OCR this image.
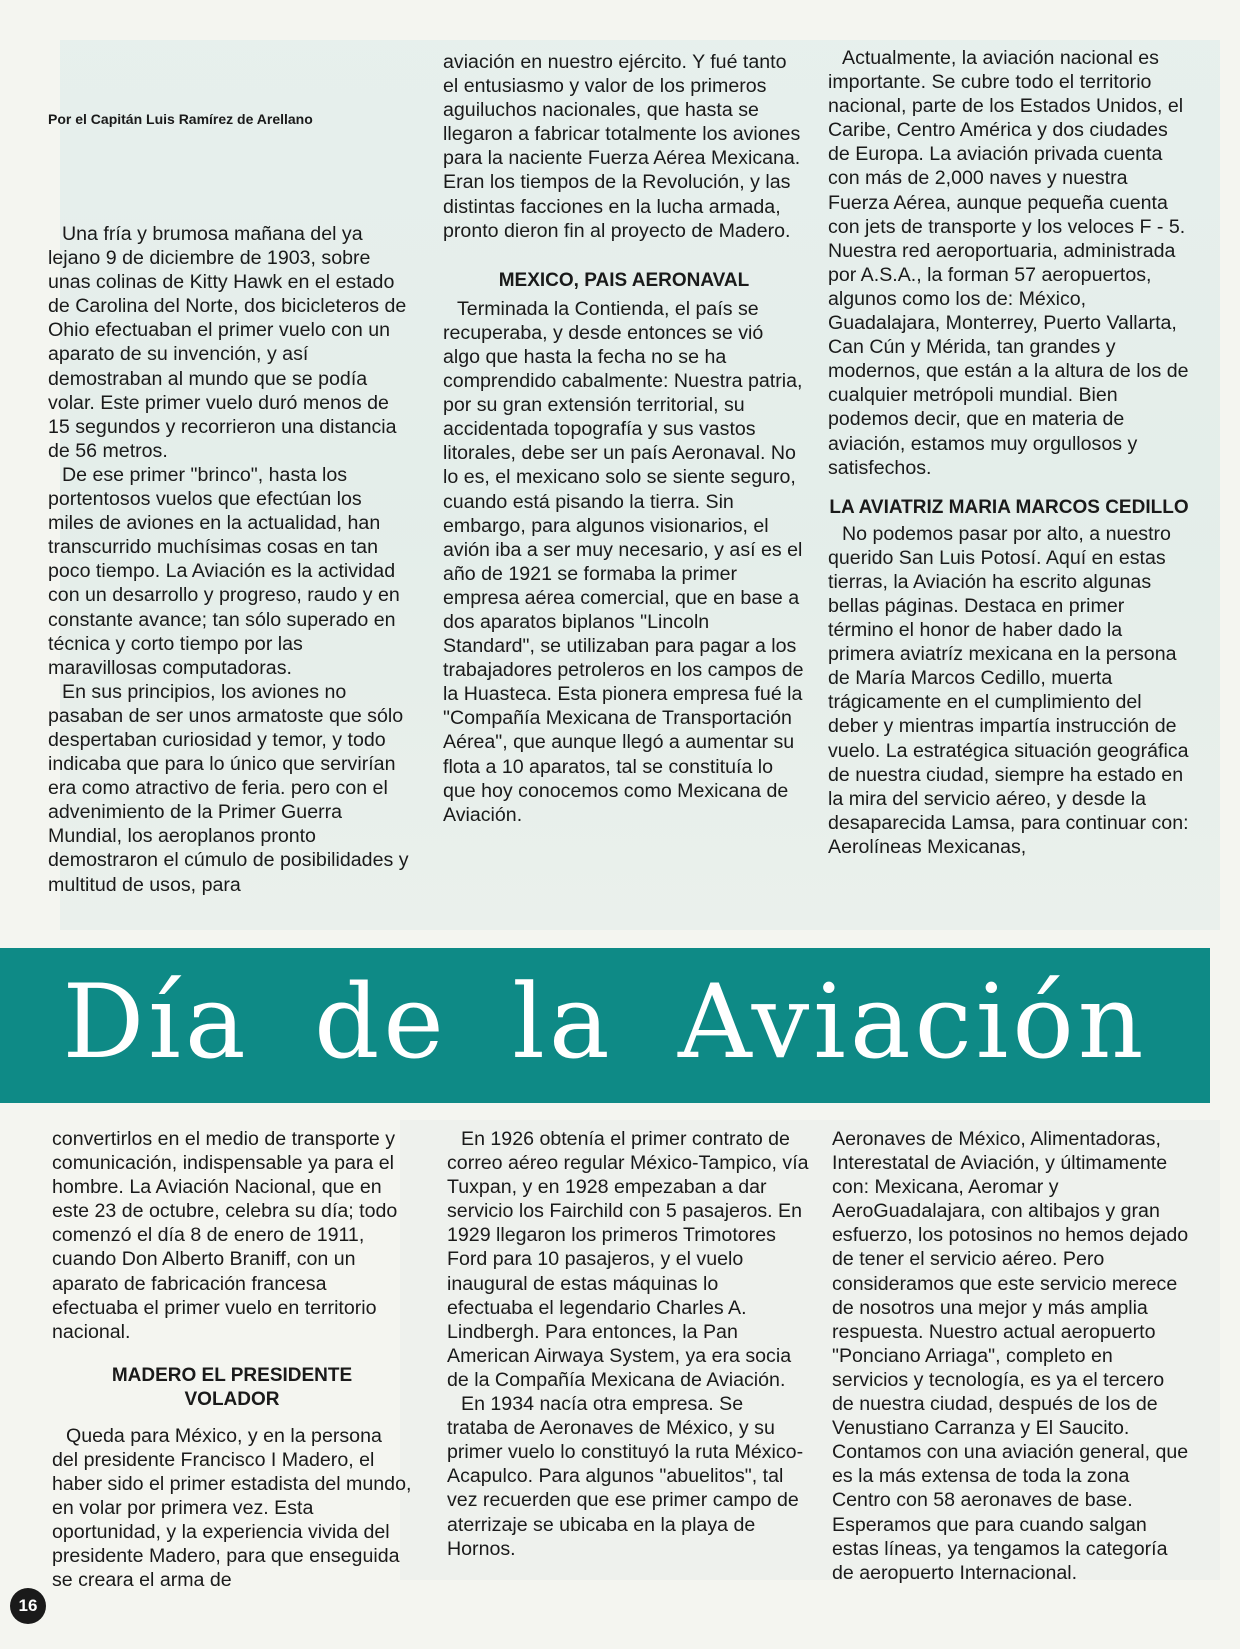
Por el Capitán Luis Ramírez de Arellano

Una fría y brumosa mañana del ya lejano 9 de diciembre de 1903, sobre unas colinas de Kitty Hawk en el estado de Carolina del Norte, dos bicicleteros de Ohio efectuaban el primer vuelo con un aparato de su invención, y así demostraban al mundo que se podía volar. Este primer vuelo duró menos de 15 segundos y recorrieron una distancia de 56 metros.

De ese primer "brinco", hasta los portentosos vuelos que efectúan los miles de aviones en la actualidad, han transcurrido muchísimas cosas en tan poco tiempo. La Aviación es la actividad con un desarrollo y progreso, raudo y en constante avance; tan sólo superado en técnica y corto tiempo por las maravillosas computadoras.

En sus principios, los aviones no pasaban de ser unos armatoste que sólo despertaban curiosidad y temor, y todo indicaba que para lo único que servirían era como atractivo de feria. pero con el advenimiento de la Primer Guerra Mundial, los aeroplanos pronto demostraron el cúmulo de posibilidades y multitud de usos, para

aviación en nuestro ejército. Y fué tanto el entusiasmo y valor de los primeros aguiluchos nacionales, que hasta se llegaron a fabricar totalmente los aviones para la naciente Fuerza Aérea Mexicana. Eran los tiempos de la Revolución, y las distintas facciones en la lucha armada, pronto dieron fin al proyecto de Madero.

MEXICO, PAIS AERONAVAL

Terminada la Contienda, el país se recuperaba, y desde entonces se vió algo que hasta la fecha no se ha comprendido cabalmente: Nuestra patria, por su gran extensión territorial, su accidentada topografía y sus vastos litorales, debe ser un país Aeronaval. No lo es, el mexicano solo se siente seguro, cuando está pisando la tierra. Sin embargo, para algunos visionarios, el avión iba a ser muy necesario, y así es el año de 1921 se formaba la primer empresa aérea comercial, que en base a dos aparatos biplanos "Lincoln Standard", se utilizaban para pagar a los trabajadores petroleros en los campos de la Huasteca. Esta pionera empresa fué la "Compañía Mexicana de Transportación Aérea", que aunque llegó a aumentar su flota a 10 aparatos, tal se constituía lo que hoy conocemos como Mexicana de Aviación.

Actualmente, la aviación nacional es importante. Se cubre todo el territorio nacional, parte de los Estados Unidos, el Caribe, Centro América y dos ciudades de Europa. La aviación privada cuenta con más de 2,000 naves y nuestra Fuerza Aérea, aunque pequeña cuenta con jets de transporte y los veloces F - 5. Nuestra red aeroportuaria, administrada por A.S.A., la forman 57 aeropuertos, algunos como los de: México, Guadalajara, Monterrey, Puerto Vallarta, Can Cún y Mérida, tan grandes y modernos, que están a la altura de los de cualquier metrópoli mundial. Bien podemos decir, que en materia de aviación, estamos muy orgullosos y satisfechos.

LA AVIATRIZ MARIA MARCOS CEDILLO

No podemos pasar por alto, a nuestro querido San Luis Potosí. Aquí en estas tierras, la Aviación ha escrito algunas bellas páginas. Destaca en primer término el honor de haber dado la primera aviatríz mexicana en la persona de María Marcos Cedillo, muerta trágicamente en el cumplimiento del deber y mientras impartía instrucción de vuelo. La estratégica situación geográfica de nuestra ciudad, siempre ha estado en la mira del servicio aéreo, y desde la desaparecida Lamsa, para continuar con: Aerolíneas Mexicanas,

Día de la Aviación

convertirlos en el medio de transporte y comunicación, indispensable ya para el hombre. La Aviación Nacional, que en este 23 de octubre, celebra su día; todo comenzó el día 8 de enero de 1911, cuando Don Alberto Braniff, con un aparato de fabricación francesa efectuaba el primer vuelo en territorio nacional.

MADERO EL PRESIDENTE VOLADOR

Queda para México, y en la persona del presidente Francisco I Madero, el haber sido el primer estadista del mundo, en volar por primera vez. Esta oportunidad, y la experiencia vivida del presidente Madero, para que enseguida se creara el arma de

En 1926 obtenía el primer contrato de correo aéreo regular México-Tampico, vía Tuxpan, y en 1928 empezaban a dar servicio los Fairchild con 5 pasajeros. En 1929 llegaron los primeros Trimotores Ford para 10 pasajeros, y el vuelo inaugural de estas máquinas lo efectuaba el legendario Charles A. Lindbergh. Para entonces, la Pan American Airwaya System, ya era socia de la Compañía Mexicana de Aviación.

En 1934 nacía otra empresa. Se trataba de Aeronaves de México, y su primer vuelo lo constituyó la ruta México-Acapulco. Para algunos "abuelitos", tal vez recuerden que ese primer campo de aterrizaje se ubicaba en la playa de Hornos.

Aeronaves de México, Alimentadoras, Interestatal de Aviación, y últimamente con: Mexicana, Aeromar y AeroGuadalajara, con altibajos y gran esfuerzo, los potosinos no hemos dejado de tener el servicio aéreo. Pero consideramos que este servicio merece de nosotros una mejor y más amplia respuesta. Nuestro actual aeropuerto "Ponciano Arriaga", completo en servicios y tecnología, es ya el tercero de nuestra ciudad, después de los de Venustiano Carranza y El Saucito. Contamos con una aviación general, que es la más extensa de toda la zona Centro con 58 aeronaves de base. Esperamos que para cuando salgan estas líneas, ya tengamos la categoría de aeropuerto Internacional.

16
